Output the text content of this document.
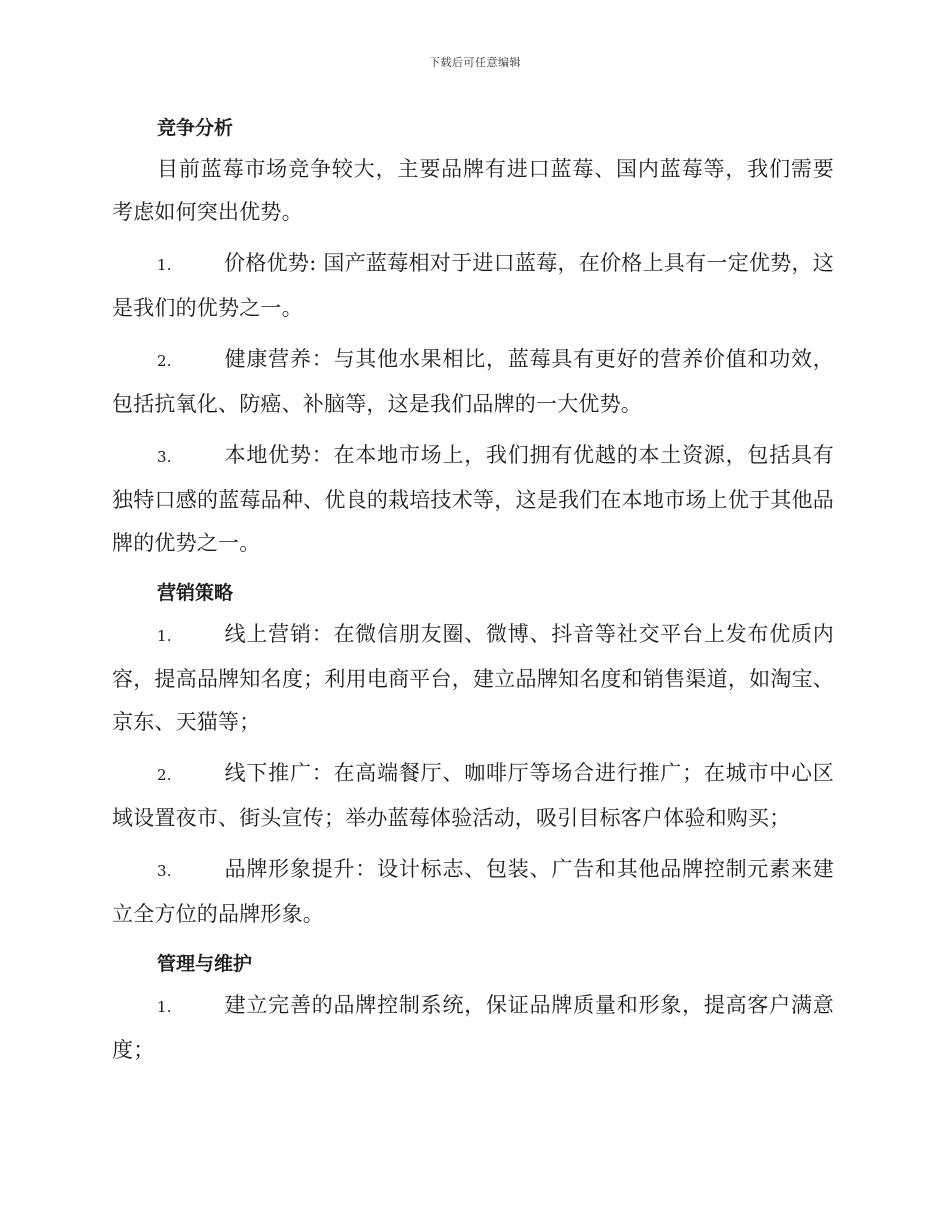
下载后可任意编辑
竞争分析

目前蓝莓市场竞争较大，主要品牌有进口蓝莓、国内蓝莓等，我们需要考虑如何突出优势。

1. 价格优势: 国产蓝莓相对于进口蓝莓，在价格上具有一定优势，这是我们的优势之一。

2. 健康营养：与其他水果相比，蓝莓具有更好的营养价值和功效，包括抗氧化、防癌、补脑等，这是我们品牌的一大优势。

3. 本地优势：在本地市场上，我们拥有优越的本土资源，包括具有独特口感的蓝莓品种、优良的栽培技术等，这是我们在本地市场上优于其他品牌的优势之一。

营销策略

1. 线上营销：在微信朋友圈、微博、抖音等社交平台上发布优质内容，提高品牌知名度；利用电商平台，建立品牌知名度和销售渠道，如淘宝、京东、天猫等；

2. 线下推广：在高端餐厅、咖啡厅等场合进行推广；在城市中心区域设置夜市、街头宣传；举办蓝莓体验活动，吸引目标客户体验和购买；

3. 品牌形象提升：设计标志、包装、广告和其他品牌控制元素来建立全方位的品牌形象。

管理与维护

1. 建立完善的品牌控制系统，保证品牌质量和形象，提高客户满意度；
